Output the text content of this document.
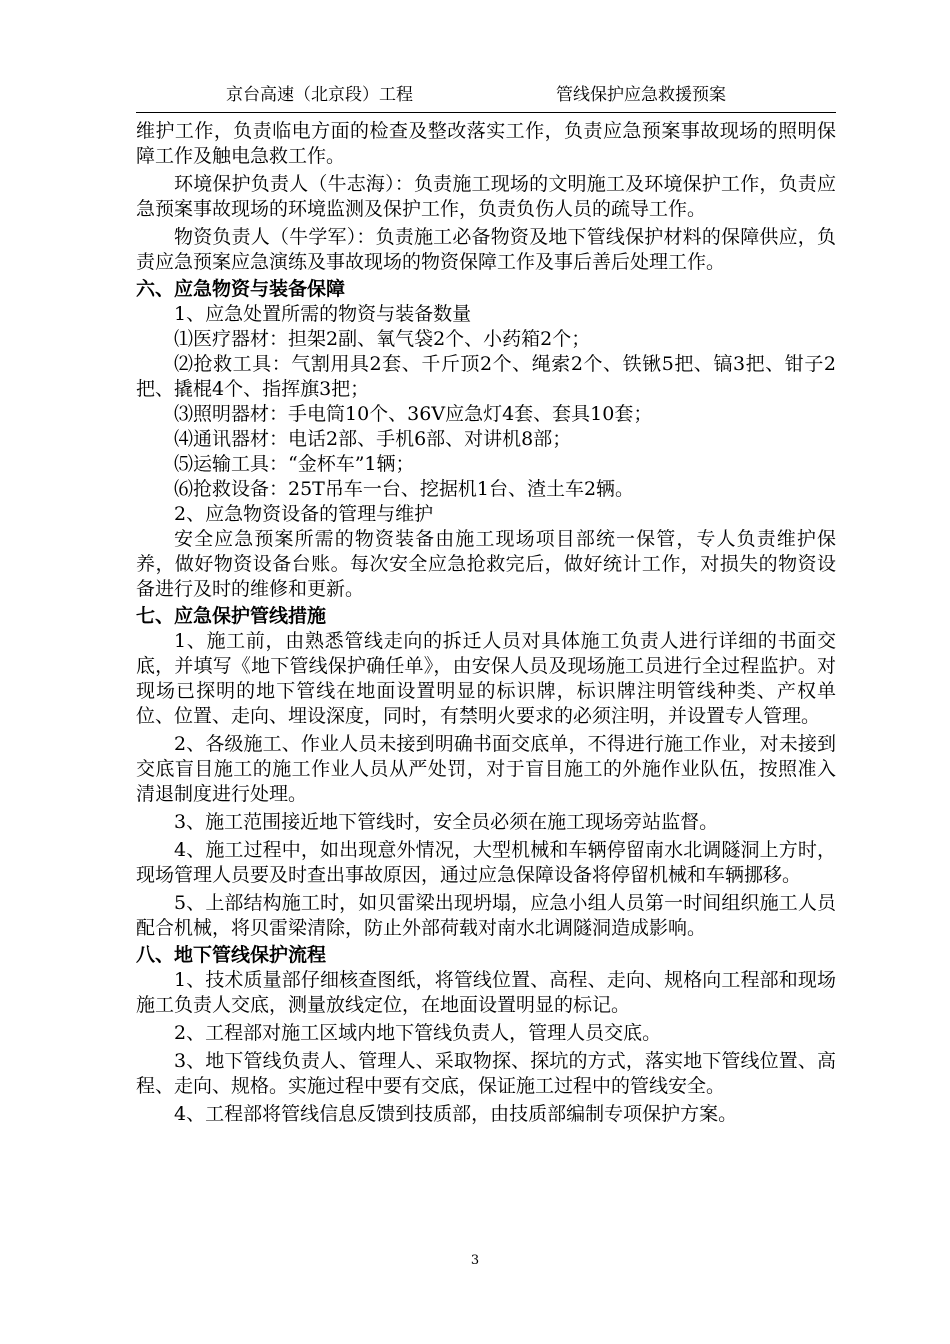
京台高速（北京段）工程	管线保护应急救援预案

维护工作，负责临电方面的检查及整改落实工作，负责应急预案事故现场的照明保障工作及触电急救工作。

环境保护负责人（牛志海）：负责施工现场的文明施工及环境保护工作，负责应急预案事故现场的环境监测及保护工作，负责负伤人员的疏导工作。

物资负责人（牛学军）：负责施工必备物资及地下管线保护材料的保障供应，负责应急预案应急演练及事故现场的物资保障工作及事后善后处理工作。

六、应急物资与装备保障

1、应急处置所需的物资与装备数量

⑴医疗器材：担架2副、氧气袋2个、小药箱2个；

⑵抢救工具：气割用具2套、千斤顶2个、绳索2个、铁锹5把、镐3把、钳子2把、撬棍4个、指挥旗3把；

⑶照明器材：手电筒10个、36V应急灯4套、套具10套；

⑷通讯器材：电话2部、手机6部、对讲机8部；

⑸运输工具：“金杯车”1辆；

⑹抢救设备：25T吊车一台、挖据机1台、渣土车2辆。

2、应急物资设备的管理与维护

安全应急预案所需的物资装备由施工现场项目部统一保管，专人负责维护保养，做好物资设备台账。每次安全应急抢救完后，做好统计工作，对损失的物资设备进行及时的维修和更新。

七、应急保护管线措施

1、施工前，由熟悉管线走向的拆迁人员对具体施工负责人进行详细的书面交底，并填写《地下管线保护确任单》，由安保人员及现场施工员进行全过程监护。对现场已探明的地下管线在地面设置明显的标识牌，标识牌注明管线种类、产权单位、位置、走向、埋设深度，同时，有禁明火要求的必须注明，并设置专人管理。

2、各级施工、作业人员未接到明确书面交底单，不得进行施工作业，对未接到交底盲目施工的施工作业人员从严处罚，对于盲目施工的外施作业队伍，按照准入清退制度进行处理。

3、施工范围接近地下管线时，安全员必须在施工现场旁站监督。

4、施工过程中，如出现意外情况，大型机械和车辆停留南水北调隧洞上方时，现场管理人员要及时查出事故原因，通过应急保障设备将停留机械和车辆挪移。

5、上部结构施工时，如贝雷梁出现坍塌，应急小组人员第一时间组织施工人员配合机械，将贝雷梁清除，防止外部荷载对南水北调隧洞造成影响。

八、地下管线保护流程

1、技术质量部仔细核查图纸，将管线位置、高程、走向、规格向工程部和现场施工负责人交底，测量放线定位，在地面设置明显的标记。

2、工程部对施工区域内地下管线负责人，管理人员交底。

3、地下管线负责人、管理人、采取物探、探坑的方式，落实地下管线位置、高程、走向、规格。实施过程中要有交底，保证施工过程中的管线安全。

4、工程部将管线信息反馈到技质部，由技质部编制专项保护方案。

3
